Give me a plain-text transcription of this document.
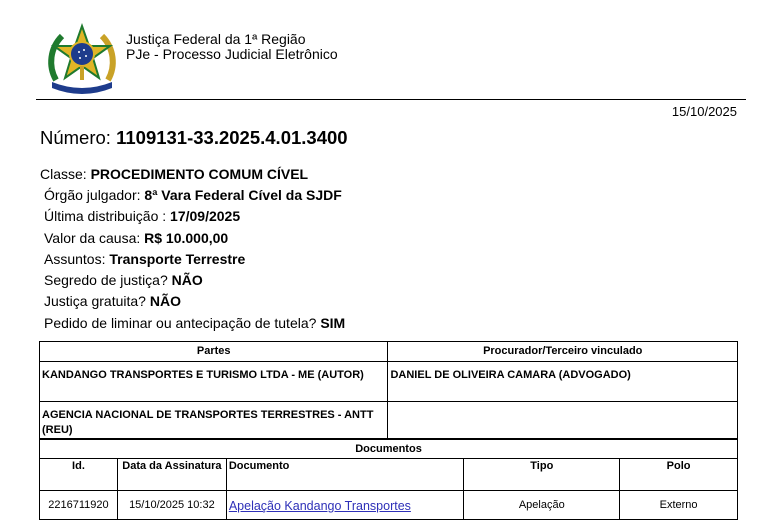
Justiça Federal da 1ª Região
PJe - Processo Judicial Eletrônico
15/10/2025
Número: 1109131-33.2025.4.01.3400
Classe: PROCEDIMENTO COMUM CÍVEL
Órgão julgador: 8ª Vara Federal Cível da SJDF
Última distribuição : 17/09/2025
Valor da causa: R$ 10.000,00
Assuntos: Transporte Terrestre
Segredo de justiça? NÃO
Justiça gratuita? NÃO
Pedido de liminar ou antecipação de tutela? SIM
Partes	Procurador/Terceiro vinculado
KANDANGO TRANSPORTES E TURISMO LTDA - ME (AUTOR)	DANIEL DE OLIVEIRA CAMARA (ADVOGADO)
AGENCIA NACIONAL DE TRANSPORTES TERRESTRES - ANTT (REU)	
Documentos				
Id.	Data da Assinatura	Documento	Tipo	Polo
2216711920	15/10/2025 10:32	Apelação Kandango Transportes	Apelação	Externo
